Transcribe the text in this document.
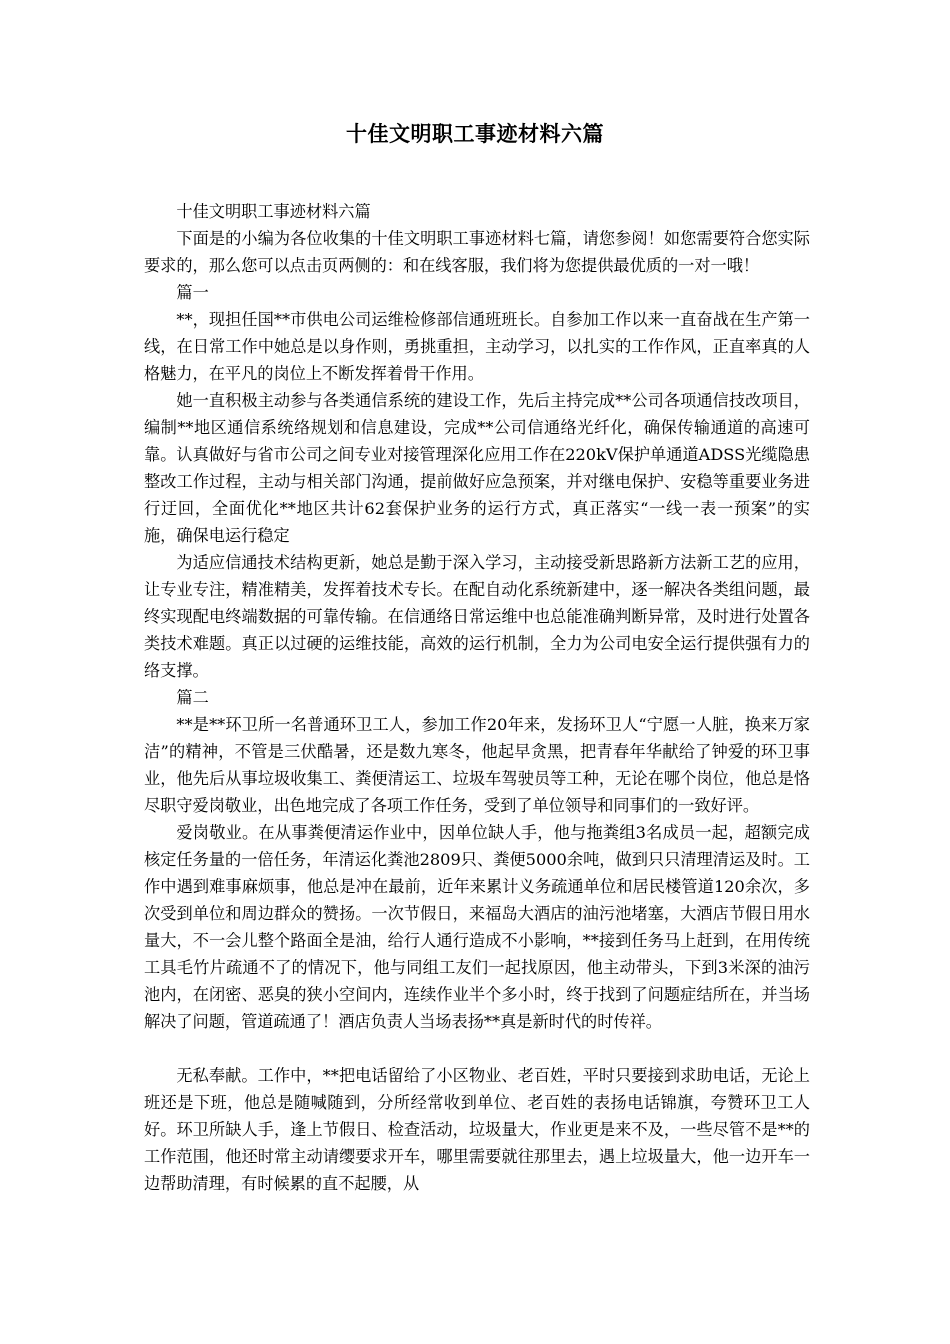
十佳文明职工事迹材料六篇

十佳文明职工事迹材料六篇

下面是的小编为各位收集的十佳文明职工事迹材料七篇，请您参阅！如您需要符合您实际要求的，那么您可以点击页两侧的：和在线客服，我们将为您提供最优质的一对一哦！

篇一

**，现担任国**市供电公司运维检修部信通班班长。自参加工作以来一直奋战在生产第一线，在日常工作中她总是以身作则，勇挑重担，主动学习，以扎实的工作作风，正直率真的人格魅力，在平凡的岗位上不断发挥着骨干作用。

她一直积极主动参与各类通信系统的建设工作，先后主持完成**公司各项通信技改项目，编制**地区通信系统络规划和信息建设，完成**公司信通络光纤化，确保传输通道的高速可靠。认真做好与省市公司之间专业对接管理深化应用工作在220kV保护单通道ADSS光缆隐患整改工作过程，主动与相关部门沟通，提前做好应急预案，并对继电保护、安稳等重要业务进行迂回，全面优化**地区共计62套保护业务的运行方式，真正落实“一线一表一预案”的实施，确保电运行稳定

为适应信通技术结构更新，她总是勤于深入学习，主动接受新思路新方法新工艺的应用，让专业专注，精准精美，发挥着技术专长。在配自动化系统新建中，逐一解决各类组问题，最终实现配电终端数据的可靠传输。在信通络日常运维中也总能准确判断异常，及时进行处置各类技术难题。真正以过硬的运维技能，高效的运行机制，全力为公司电安全运行提供强有力的络支撑。

篇二

**是**环卫所一名普通环卫工人，参加工作20年来，发扬环卫人“宁愿一人脏，换来万家洁”的精神，不管是三伏酷暑，还是数九寒冬，他起早贪黑，把青春年华献给了钟爱的环卫事业，他先后从事垃圾收集工、粪便清运工、垃圾车驾驶员等工种，无论在哪个岗位，他总是恪尽职守爱岗敬业，出色地完成了各项工作任务，受到了单位领导和同事们的一致好评。

爱岗敬业。在从事粪便清运作业中，因单位缺人手，他与拖粪组3名成员一起，超额完成核定任务量的一倍任务，年清运化粪池2809只、粪便5000余吨，做到只只清理清运及时。工作中遇到难事麻烦事，他总是冲在最前，近年来累计义务疏通单位和居民楼管道120余次，多次受到单位和周边群众的赞扬。一次节假日，来福岛大酒店的油污池堵塞，大酒店节假日用水量大，不一会儿整个路面全是油，给行人通行造成不小影响，**接到任务马上赶到，在用传统工具毛竹片疏通不了的情况下，他与同组工友们一起找原因，他主动带头，下到3米深的油污池内，在闭密、恶臭的狭小空间内，连续作业半个多小时，终于找到了问题症结所在，并当场解决了问题，管道疏通了！酒店负责人当场表扬**真是新时代的时传祥。

无私奉献。工作中，**把电话留给了小区物业、老百姓，平时只要接到求助电话，无论上班还是下班，他总是随喊随到，分所经常收到单位、老百姓的表扬电话锦旗，夸赞环卫工人好。环卫所缺人手，逢上节假日、检查活动，垃圾量大，作业更是来不及，一些尽管不是**的工作范围，他还时常主动请缨要求开车，哪里需要就往那里去，遇上垃圾量大，他一边开车一边帮助清理，有时候累的直不起腰，从
